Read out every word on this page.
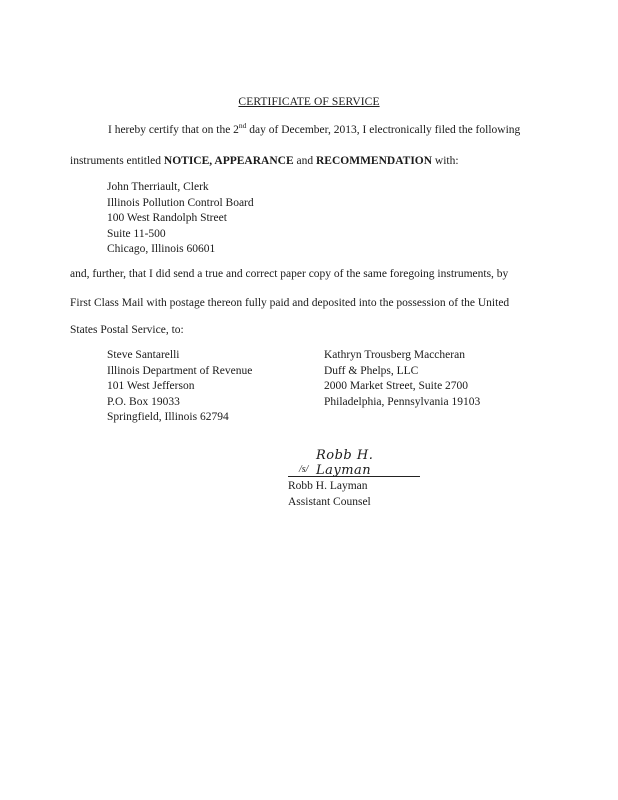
CERTIFICATE OF SERVICE
I hereby certify that on the 2nd day of December, 2013, I electronically filed the following
instruments entitled NOTICE, APPEARANCE and RECOMMENDATION with:
John Therriault, Clerk
Illinois Pollution Control Board
100 West Randolph Street
Suite 11-500
Chicago, Illinois 60601
and, further, that I did send a true and correct paper copy of the same foregoing instruments, by
First Class Mail with postage thereon fully paid and deposited into the possession of the United
States Postal Service, to:
Steve Santarelli
Illinois Department of Revenue
101 West Jefferson
P.O. Box 19033
Springfield, Illinois 62794
Kathryn Trousberg Maccheran
Duff & Phelps, LLC
2000 Market Street, Suite 2700
Philadelphia, Pennsylvania 19103
/s/
Robb H. Layman
Robb H. Layman
Assistant Counsel
